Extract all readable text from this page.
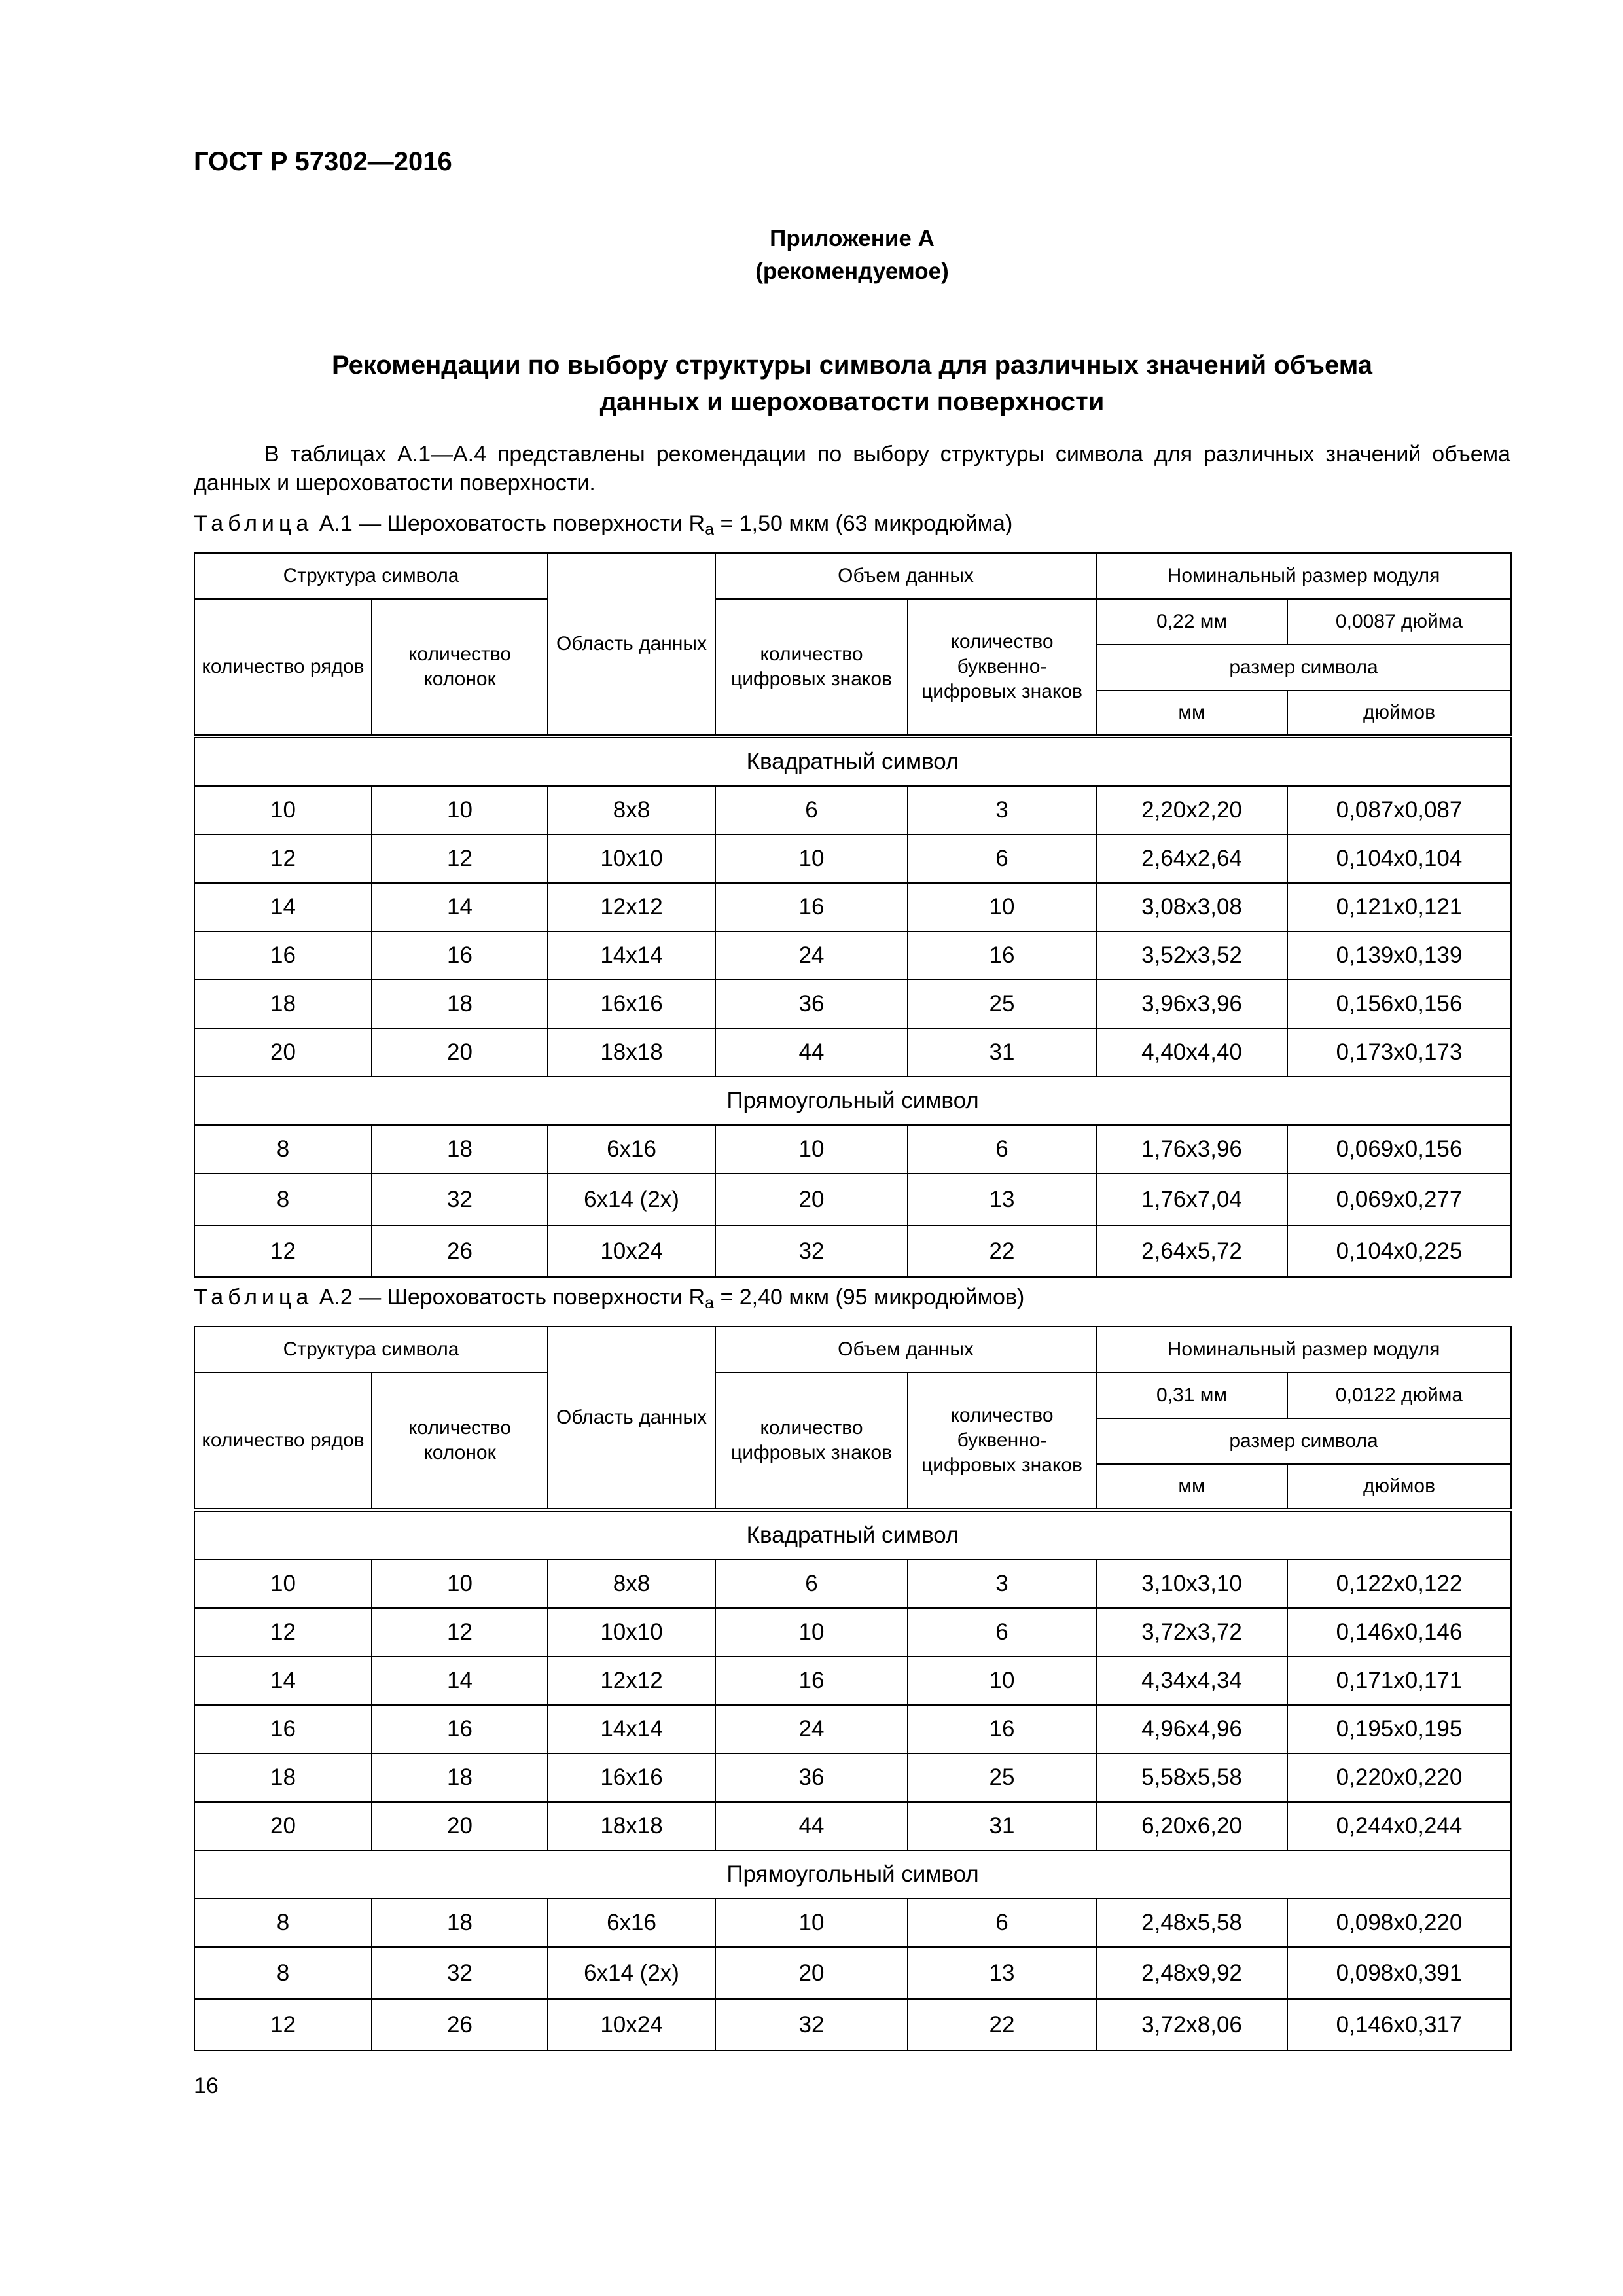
ГОСТ Р 57302—2016
Приложение А
(рекомендуемое)
Рекомендации по выбору структуры символа для различных значений объема
данных и шероховатости поверхности
В таблицах А.1—А.4 представлены рекомендации по выбору структуры символа для различных значений объема данных и шероховатости поверхности.
Таблица А.1 — Шероховатость поверхности $R_a = 1,50$ мкм (63 микродюйма)
Структура символа		Область данных	Объем данных		Номинальный размер модуля	
количество рядов	количество колонок		количество цифровых знаков	количество буквенно-цифровых знаков	0,22 мм	0,0087 дюйма
					размер символа	
					мм	дюймов
Квадратный символ						
10	10	8x8	6	3	2,20x2,20	0,087x0,087
12	12	10x10	10	6	2,64x2,64	0,104x0,104
14	14	12x12	16	10	3,08x3,08	0,121x0,121
16	16	14x14	24	16	3,52x3,52	0,139x0,139
18	18	16x16	36	25	3,96x3,96	0,156x0,156
20	20	18x18	44	31	4,40x4,40	0,173x0,173
Прямоугольный символ						
8	18	6x16	10	6	1,76x3,96	0,069x0,156
8	32	6x14 (2x)	20	13	1,76x7,04	0,069x0,277
12	26	10x24	32	22	2,64x5,72	0,104x0,225
Таблица А.2 — Шероховатость поверхности $R_a = 2,40$ мкм (95 микродюймов)
Структура символа		Область данных	Объем данных		Номинальный размер модуля	
количество рядов	количество колонок		количество цифровых знаков	количество буквенно-цифровых знаков	0,31 мм	0,0122 дюйма
					размер символа	
					мм	дюймов
Квадратный символ						
10	10	8x8	6	3	3,10x3,10	0,122x0,122
12	12	10x10	10	6	3,72x3,72	0,146x0,146
14	14	12x12	16	10	4,34x4,34	0,171x0,171
16	16	14x14	24	16	4,96x4,96	0,195x0,195
18	18	16x16	36	25	5,58x5,58	0,220x0,220
20	20	18x18	44	31	6,20x6,20	0,244x0,244
Прямоугольный символ						
8	18	6x16	10	6	2,48x5,58	0,098x0,220
8	32	6x14 (2x)	20	13	2,48x9,92	0,098x0,391
12	26	10x24	32	22	3,72x8,06	0,146x0,317
16
